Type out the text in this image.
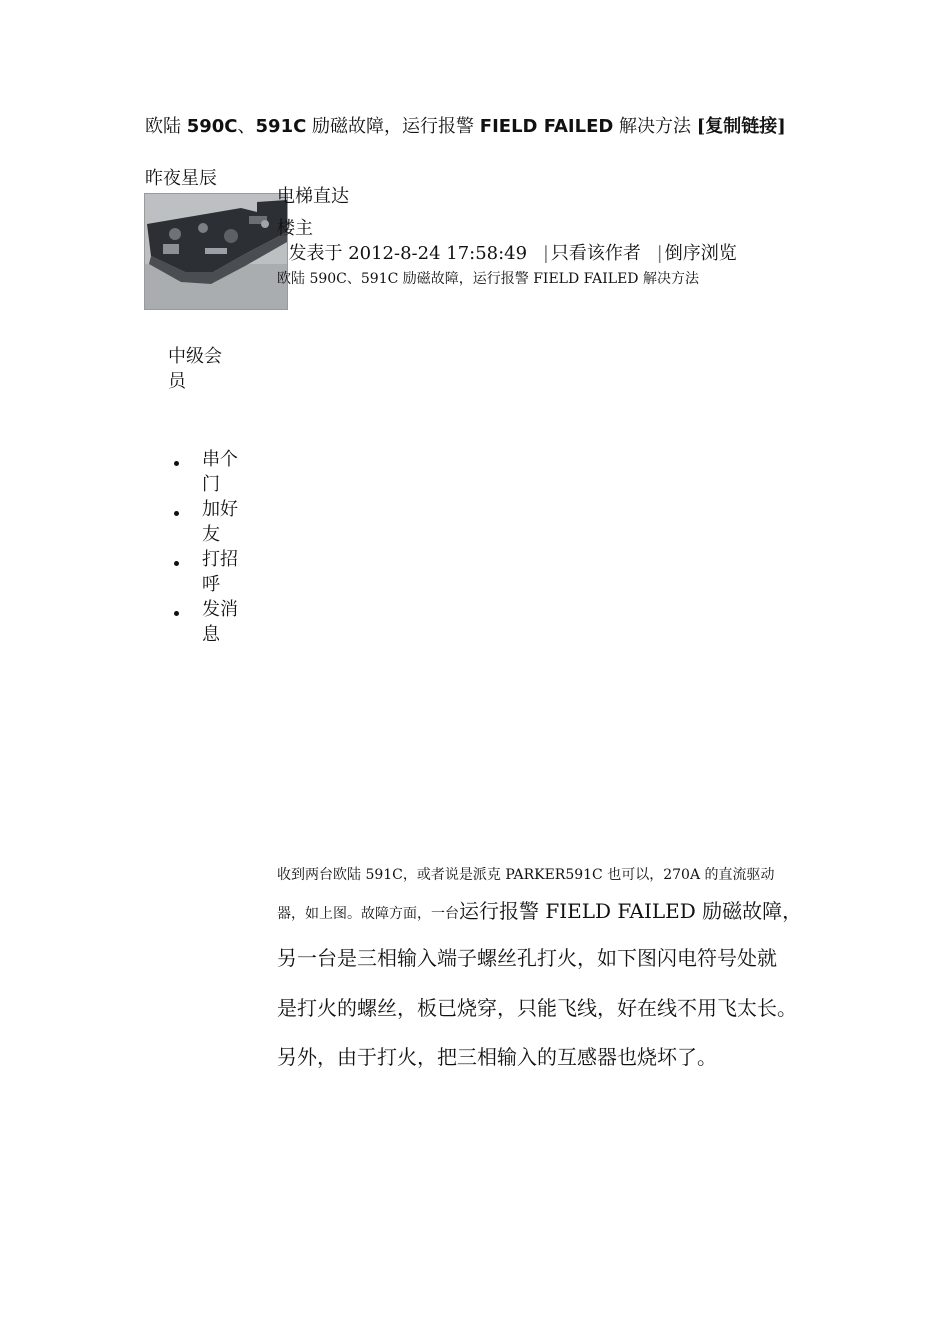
欧陆 590C、591C 励磁故障，运行报警 FIELD FAILED 解决方法 [复制链接]
昨夜星辰
电梯直达
楼主
发表于 2012-8-24 17:58:49 | 只看该作者 | 倒序浏览
欧陆 590C、591C 励磁故障，运行报警 FIELD FAILED 解决方法
中级会员
串个门
加好友
打招呼
发消息
收到两台欧陆 591C，或者说是派克 PARKER591C 也可以，270A 的直流驱动
器，如上图。故障方面，一台运行报警 FIELD FAILED 励磁故障，
另一台是三相输入端子螺丝孔打火，如下图闪电符号处就
是打火的螺丝，板已烧穿，只能飞线，好在线不用飞太长。
另外，由于打火，把三相输入的互感器也烧坏了。
